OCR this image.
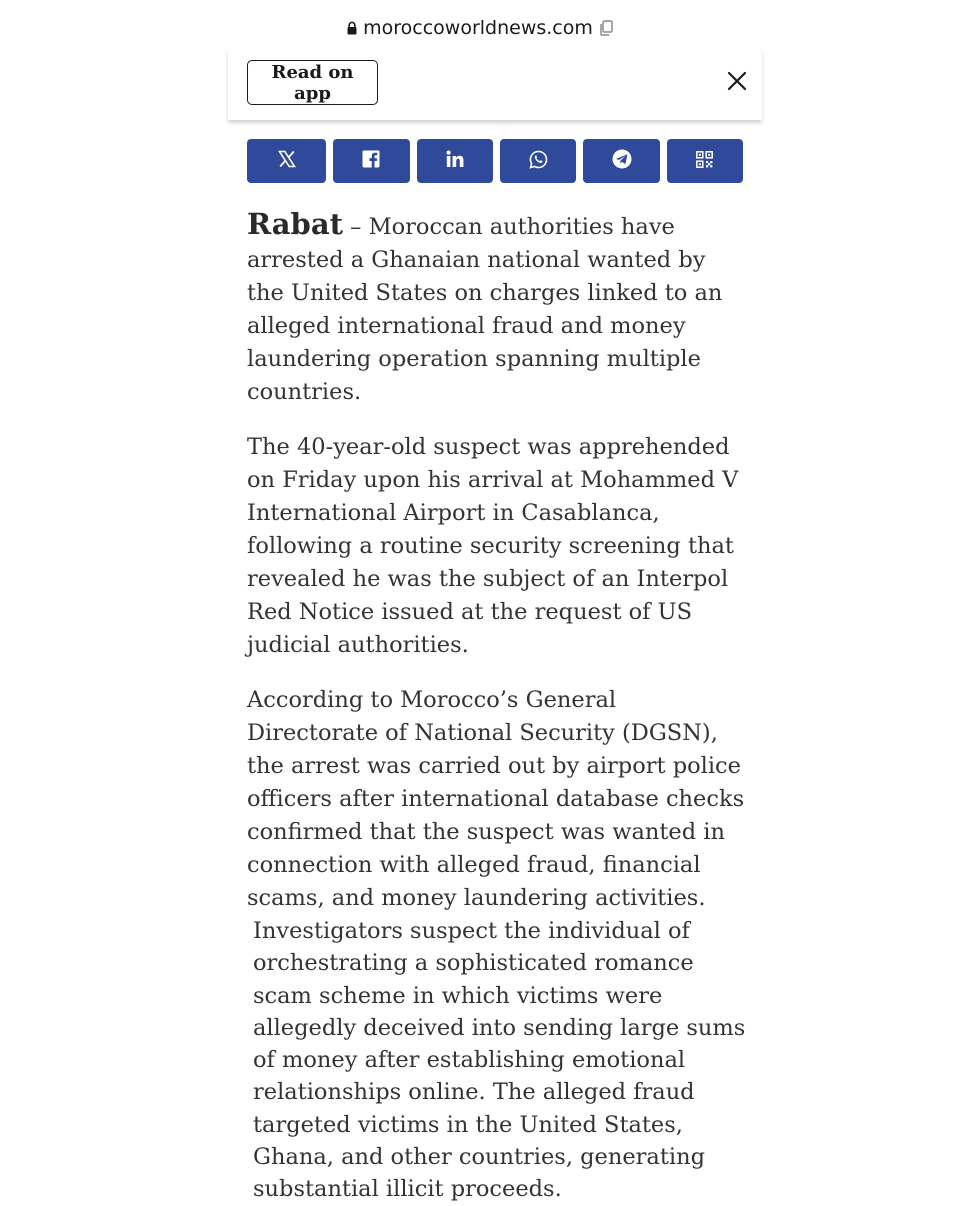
moroccoworldnews.com
Read on app

Rabat – Moroccan authorities have arrested a Ghanaian national wanted by the United States on charges linked to an alleged international fraud and money laundering operation spanning multiple countries.

The 40-year-old suspect was apprehended on Friday upon his arrival at Mohammed V International Airport in Casablanca, following a routine security screening that revealed he was the subject of an Interpol Red Notice issued at the request of US judicial authorities.

According to Morocco’s General Directorate of National Security (DGSN), the arrest was carried out by airport police officers after international database checks confirmed that the suspect was wanted in connection with alleged fraud, financial scams, and money laundering activities.

Investigators suspect the individual of orchestrating a sophisticated romance scam scheme in which victims were allegedly deceived into sending large sums of money after establishing emotional relationships online. The alleged fraud targeted victims in the United States, Ghana, and other countries, generating substantial illicit proceeds.
